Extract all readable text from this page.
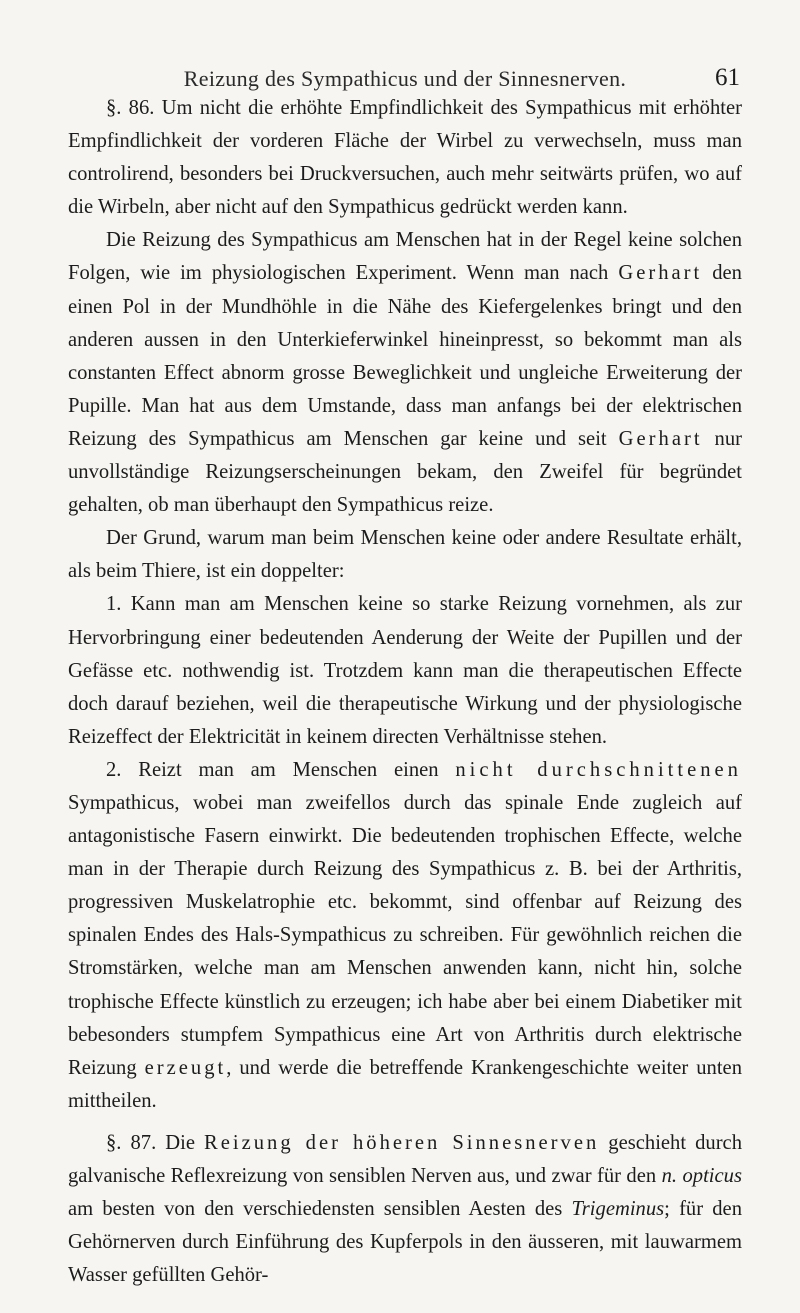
Reizung des Sympathicus und der Sinnesnerven.	61

§. 86. Um nicht die erhöhte Empfindlichkeit des Sympathicus mit erhöhter Empfindlichkeit der vorderen Fläche der Wirbel zu verwechseln, muss man controlirend, besonders bei Druckversuchen, auch mehr seitwärts prüfen, wo auf die Wirbeln, aber nicht auf den Sympathicus gedrückt werden kann.

Die Reizung des Sympathicus am Menschen hat in der Regel keine solchen Folgen, wie im physiologischen Experiment. Wenn man nach Gerhart den einen Pol in der Mundhöhle in die Nähe des Kiefergelenkes bringt und den anderen aussen in den Unterkieferwinkel hineinpresst, so bekommt man als constanten Effect abnorm grosse Beweglichkeit und ungleiche Erweiterung der Pupille. Man hat aus dem Umstande, dass man anfangs bei der elektrischen Reizung des Sympathicus am Menschen gar keine und seit Gerhart nur unvollständige Reizungserscheinungen bekam, den Zweifel für begründet gehalten, ob man überhaupt den Sympathicus reize.

Der Grund, warum man beim Menschen keine oder andere Resultate erhält, als beim Thiere, ist ein doppelter:

1. Kann man am Menschen keine so starke Reizung vornehmen, als zur Hervorbringung einer bedeutenden Aenderung der Weite der Pupillen und der Gefässe etc. nothwendig ist. Trotzdem kann man die therapeutischen Effecte doch darauf beziehen, weil die therapeutische Wirkung und der physiologische Reizeffect der Elektricität in keinem directen Verhältnisse stehen.

2. Reizt man am Menschen einen nicht durchschnittenen Sympathicus, wobei man zweifellos durch das spinale Ende zugleich auf antagonistische Fasern einwirkt. Die bedeutenden trophischen Effecte, welche man in der Therapie durch Reizung des Sympathicus z. B. bei der Arthritis, progressiven Muskelatrophie etc. bekommt, sind offenbar auf Reizung des spinalen Endes des Hals-Sympathicus zu schreiben. Für gewöhnlich reichen die Stromstärken, welche man am Menschen anwenden kann, nicht hin, solche trophische Effecte künstlich zu erzeugen; ich habe aber bei einem Diabetiker mit bebesonders stumpfem Sympathicus eine Art von Arthritis durch elektrische Reizung erzeugt, und werde die betreffende Krankengeschichte weiter unten mittheilen.

§. 87. Die Reizung der höheren Sinnesnerven geschieht durch galvanische Reflexreizung von sensiblen Nerven aus, und zwar für den n. opticus am besten von den verschiedensten sensiblen Aesten des Trigeminus; für den Gehörnerven durch Einführung des Kupferpols in den äusseren, mit lauwarmem Wasser gefüllten Gehör-
